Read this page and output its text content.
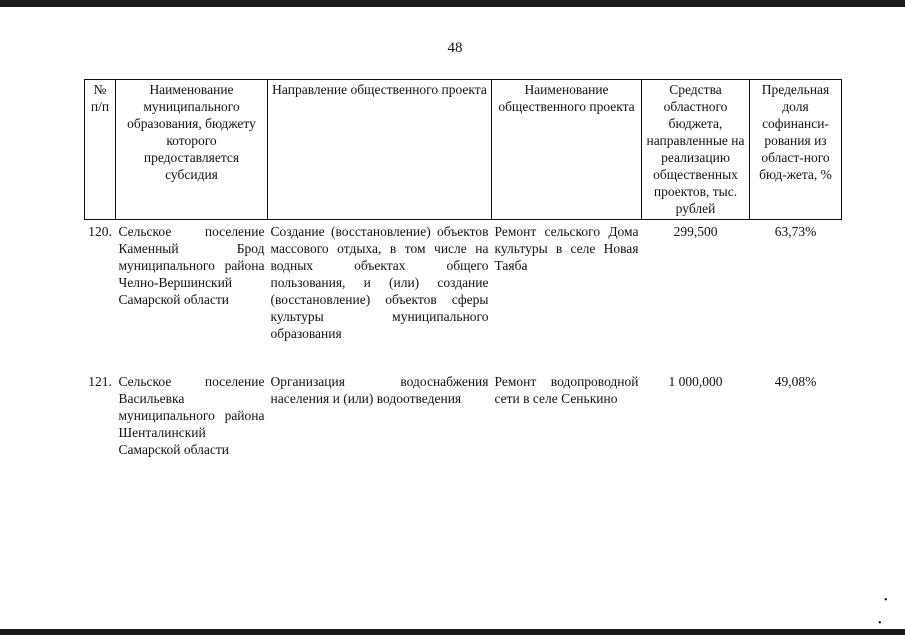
48
№ п/п	Наименование муниципального образования, бюджету которого предоставляется субсидия	Направление общественного проекта	Наименование общественного проекта	Средства областного бюджета, направленные на реализацию общественных проектов, тыс. рублей	Предельная доля софинанси-рования из област-ного бюд-жета, %
120.	Сельское поселение Каменный Брод муниципального района Челно-Вершинский Самарской области	Создание (восстановление) объектов массового отдыха, в том числе на водных объектах общего пользования, и (или) создание (восстановление) объектов сферы культуры муниципального образования	Ремонт сельского Дома культуры в селе Новая Таяба	299,500	63,73%
121.	Сельское поселение Васильевка муниципального района Шенталинский Самарской области	Организация водоснабжения населения и (или) водоотведения	Ремонт водопроводной сети в селе Сенькино	1 000,000	49,08%
•
•
